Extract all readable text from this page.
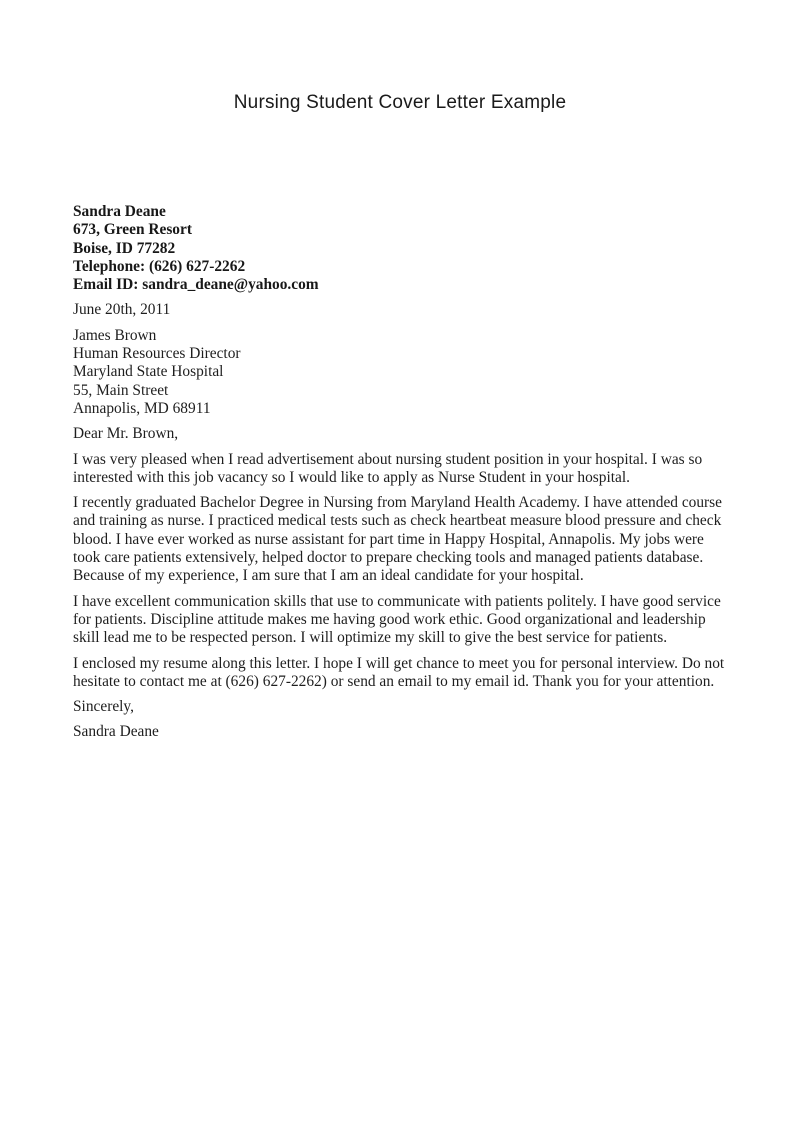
Nursing Student Cover Letter Example
Sandra Deane
673, Green Resort
Boise, ID 77282
Telephone: (626) 627-2262
Email ID: sandra_deane@yahoo.com
June 20th, 2011
James Brown
Human Resources Director
Maryland State Hospital
55, Main Street
Annapolis, MD 68911
Dear Mr. Brown,

I was very pleased when I read advertisement about nursing student position in your hospital. I was so interested with this job vacancy so I would like to apply as Nurse Student in your hospital.

I recently graduated Bachelor Degree in Nursing from Maryland Health Academy. I have attended course and training as nurse. I practiced medical tests such as check heartbeat measure blood pressure and check blood. I have ever worked as nurse assistant for part time in Happy Hospital, Annapolis. My jobs were took care patients extensively, helped doctor to prepare checking tools and managed patients database. Because of my experience, I am sure that I am an ideal candidate for your hospital.

I have excellent communication skills that use to communicate with patients politely. I have good service for patients. Discipline attitude makes me having good work ethic. Good organizational and leadership skill lead me to be respected person. I will optimize my skill to give the best service for patients.

I enclosed my resume along this letter. I hope I will get chance to meet you for personal interview. Do not hesitate to contact me at (626) 627-2262) or send an email to my email id. Thank you for your attention.

Sincerely,
Sandra Deane
